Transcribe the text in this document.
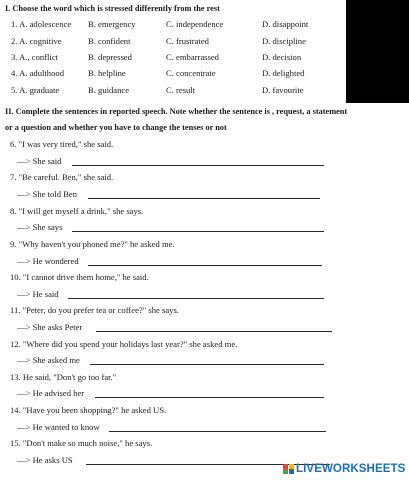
I. Choose the word which is stressed differently from the rest
1. A. adolescence B. emergency	C. independence	D. disappoint
2. A. cognitive	B. confident	C. frustrated	D. discipline
3. A., conflict	B. depressed	C. embarrassed	D. decision
4. A. adulthood	B. helpline	C. concentrate	D. delighted
5. A. graduate	B. guidance	C. result	D. favourite
II. Complete the sentences in reported speech. Note whether the sentence is , request, a statement
or a question and whether you have to change the tenses or not
6. "I was very tired," she said.
—> She said
7. "Be careful. Ben," she said.
—> She told Ben
8. "I will get myself a drink," she says.
—> She says
9. "Why haven't you phoned me?" he asked me.
—> He wondered
10. "I cannot drive them home," he said.
—> He said
11. "Peter, do you prefer tea or coffee?" she says.
—> She asks Peter
12. "Where did you spend your holidays last year?" she asked me.
—> She asked me
13. He said, "Don't go too far."
—> He advised her
14. "Have you been shopping?" he asked US.
—> He wanted to know
15. "Don't make so much noise," he says.
—> He asks US
LIVEWORKSHEETS
